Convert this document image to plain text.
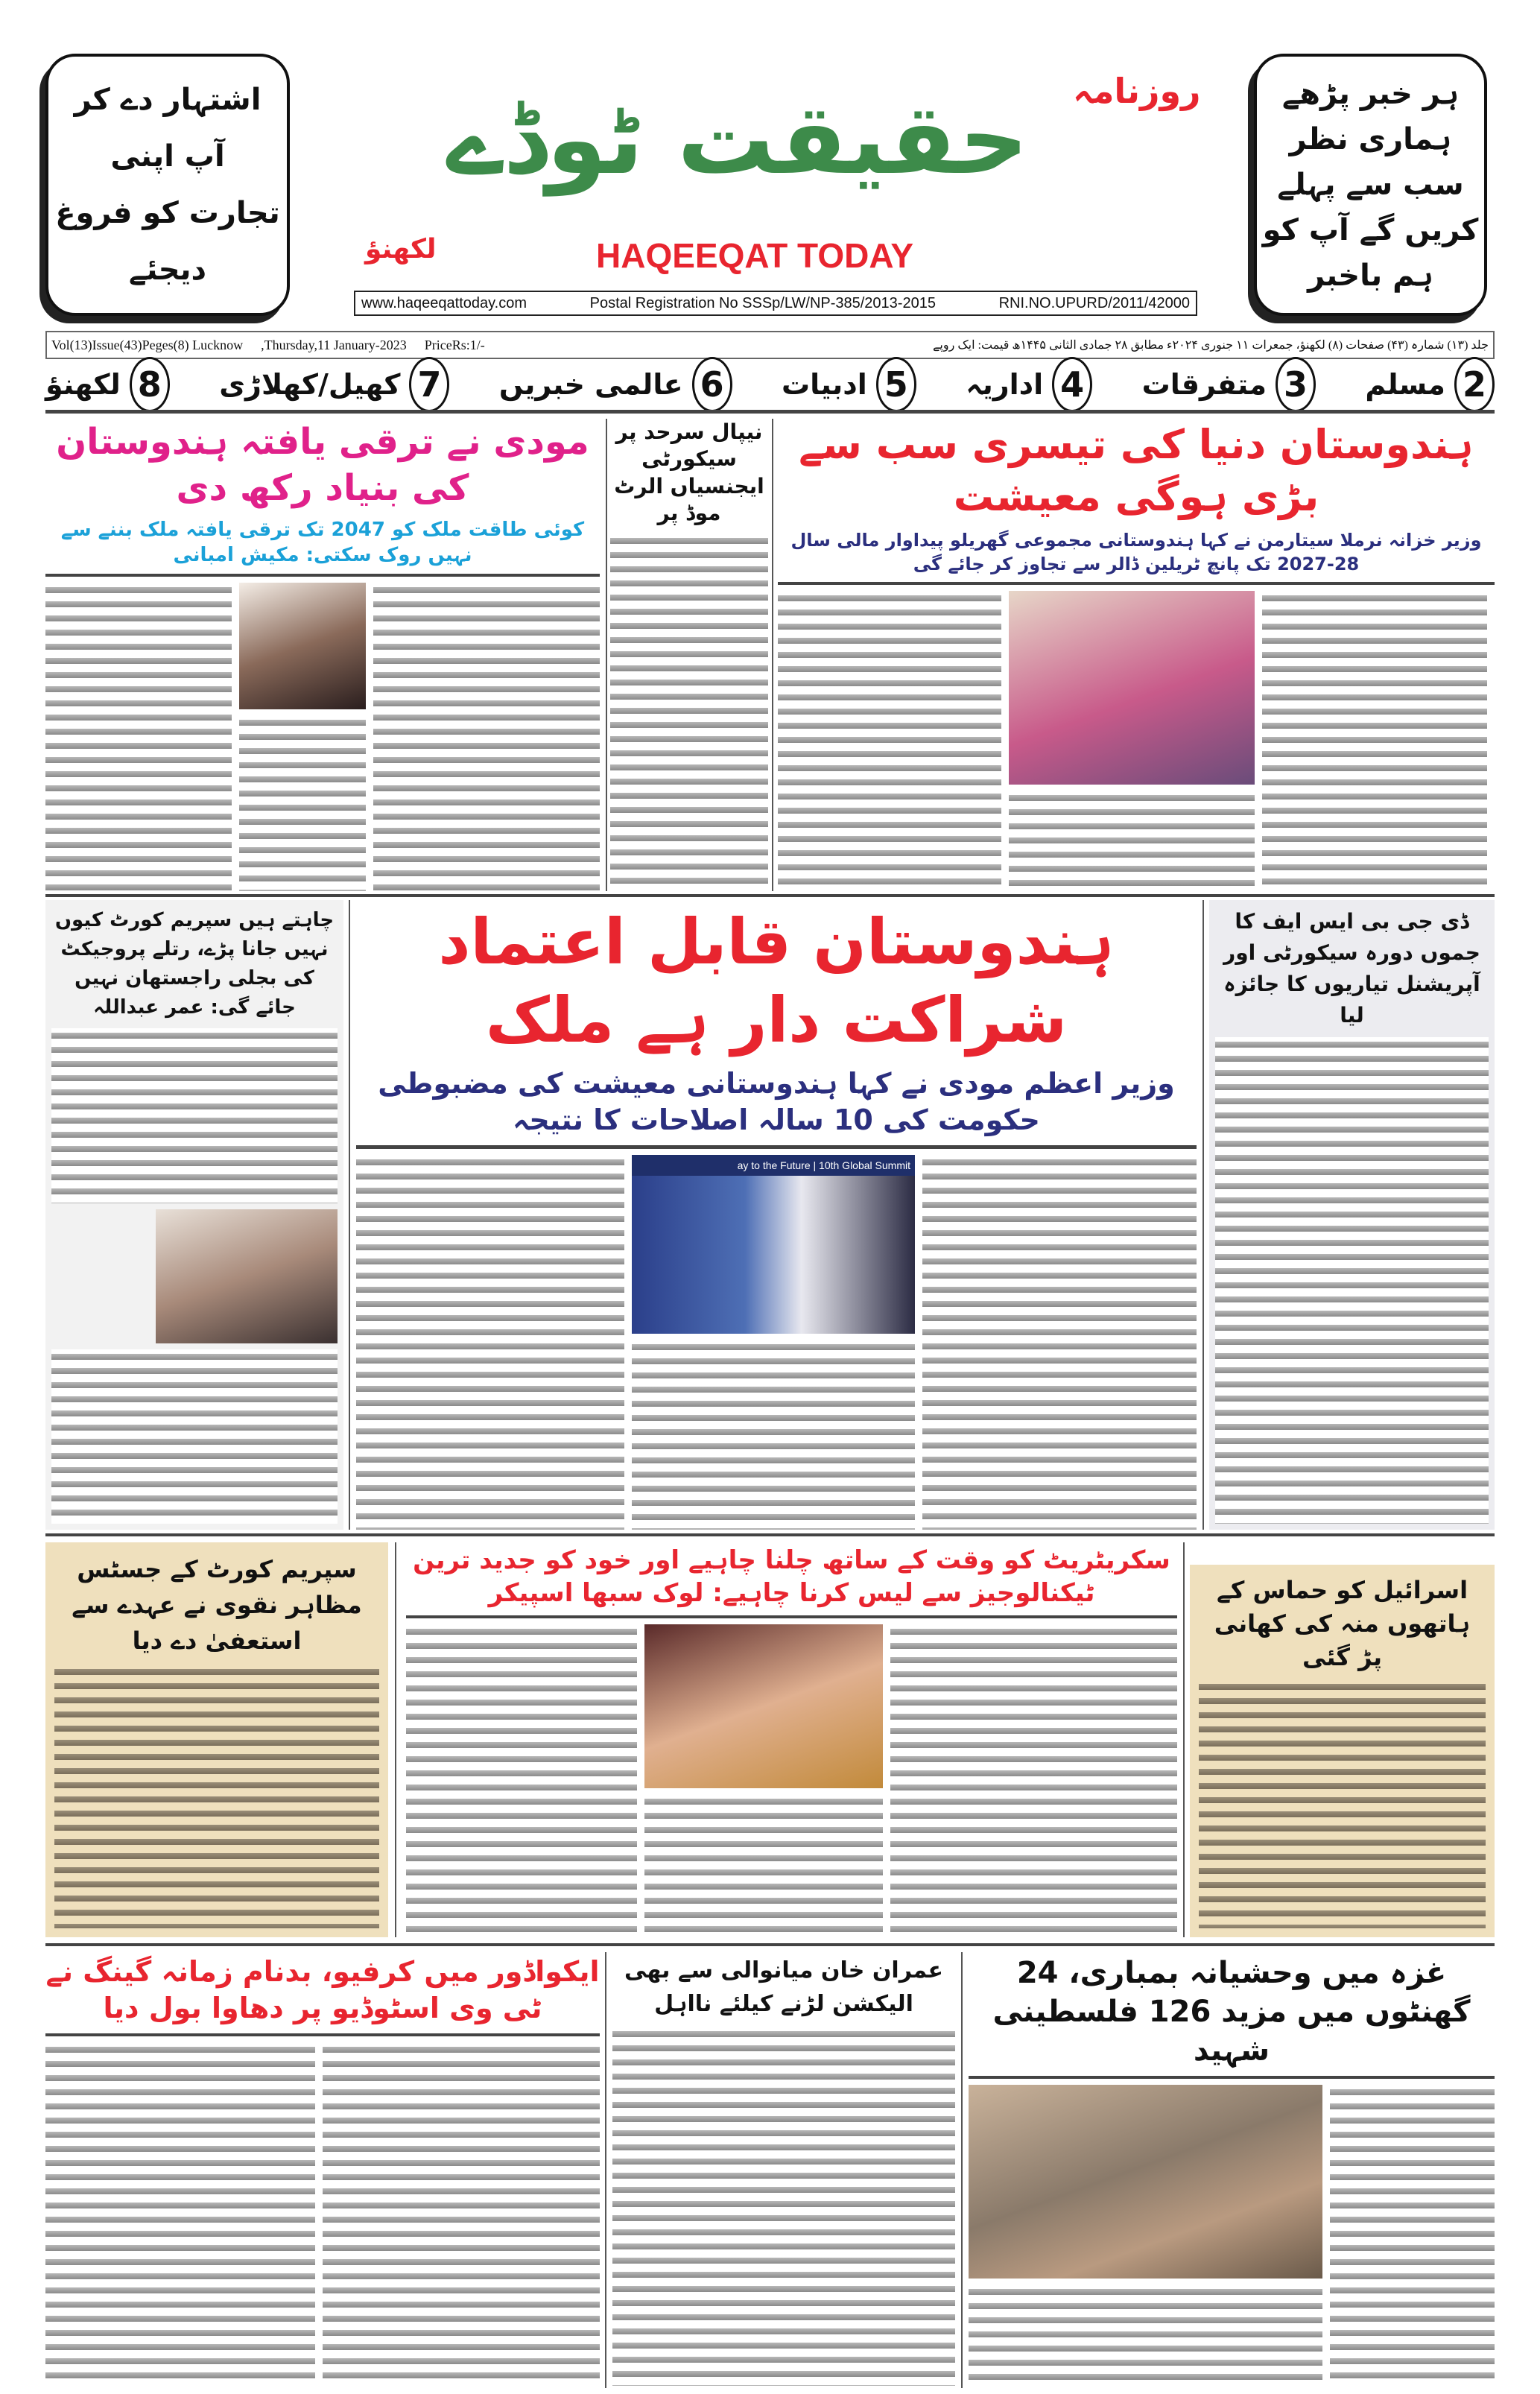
اشتہار دے کر
آپ اپنی
تجارت کو فروغ
دیجئے
ہر خبر پڑھے
ہماری نظر
سب سے پہلے
کریں گے آپ کو
ہم باخبر
روزنامہ
حقیقت ٹوڈے
لکھنؤ	HAQEEQAT TODAY
www.haqeeqattoday.com	Postal Registration No SSSp/LW/NP-385/2013-2015	RNI.NO.UPURD/2011/42000
Vol(13)Issue(43)Peges(8) Lucknow ,Thursday,11 January-2023 PriceRs:1/-	جلد (۱۳) شمارہ (۴۳) صفحات (۸) لکھنؤ، جمعرات ۱۱ جنوری ۲۰۲۴ء مطابق ۲۸ جمادی الثانی ۱۴۴۵ھ قیمت: ایک روپے
2
مسلم
3
متفرقات
4
اداریہ
5
ادبیات
6
عالمی خبریں
7
کھیل/کھلاڑی
8
لکھنؤ
ہندوستان دنیا کی تیسری سب سے بڑی ہوگی معیشت
وزیر خزانہ نرملا سیتارمن نے کہا ہندوستانی مجموعی گھریلو پیداوار مالی سال 28-2027 تک پانچ ٹریلین ڈالر سے تجاوز کر جائے گی
نیپال سرحد پر سیکورٹی ایجنسیاں الرٹ موڈ پر
مودی نے ترقی یافتہ ہندوستان کی بنیاد رکھ دی
کوئی طاقت ملک کو 2047 تک ترقی یافتہ ملک بننے سے نہیں روک سکتی: مکیش امبانی
چاہتے ہیں سپریم کورٹ کیوں نہیں جانا پڑے، رتلے پروجیکٹ کی بجلی راجستھان نہیں جائے گی: عمر عبداللہ
ہندوستان قابل اعتماد شراکت دار ہے ملک
وزیر اعظم مودی نے کہا ہندوستانی معیشت کی مضبوطی حکومت کی 10 سالہ اصلاحات کا نتیجہ
ay to the Future | 10th Global Summit
ڈی جی بی ایس ایف کا جموں دورہ سیکورٹی اور آپریشنل تیاریوں کا جائزہ لیا
سپریم کورٹ کے جسٹس مظاہر نقوی نے عہدے سے استعفیٰ دے دیا
سکریٹریٹ کو وقت کے ساتھ چلنا چاہیے اور خود کو جدید ترین ٹیکنالوجیز سے لیس کرنا چاہیے: لوک سبھا اسپیکر	اسرائیل کو حماس کے ہاتھوں منہ کی کھانی پڑ گئی
ایکواڈور میں کرفیو، بدنام زمانہ گینگ نے ٹی وی اسٹوڈیو پر دھاوا بول دیا
عمران خان میانوالی سے بھی الیکشن لڑنے کیلئے نااہل
غزہ میں وحشیانہ بمباری، 24 گھنٹوں میں مزید 126 فلسطینی شہید
